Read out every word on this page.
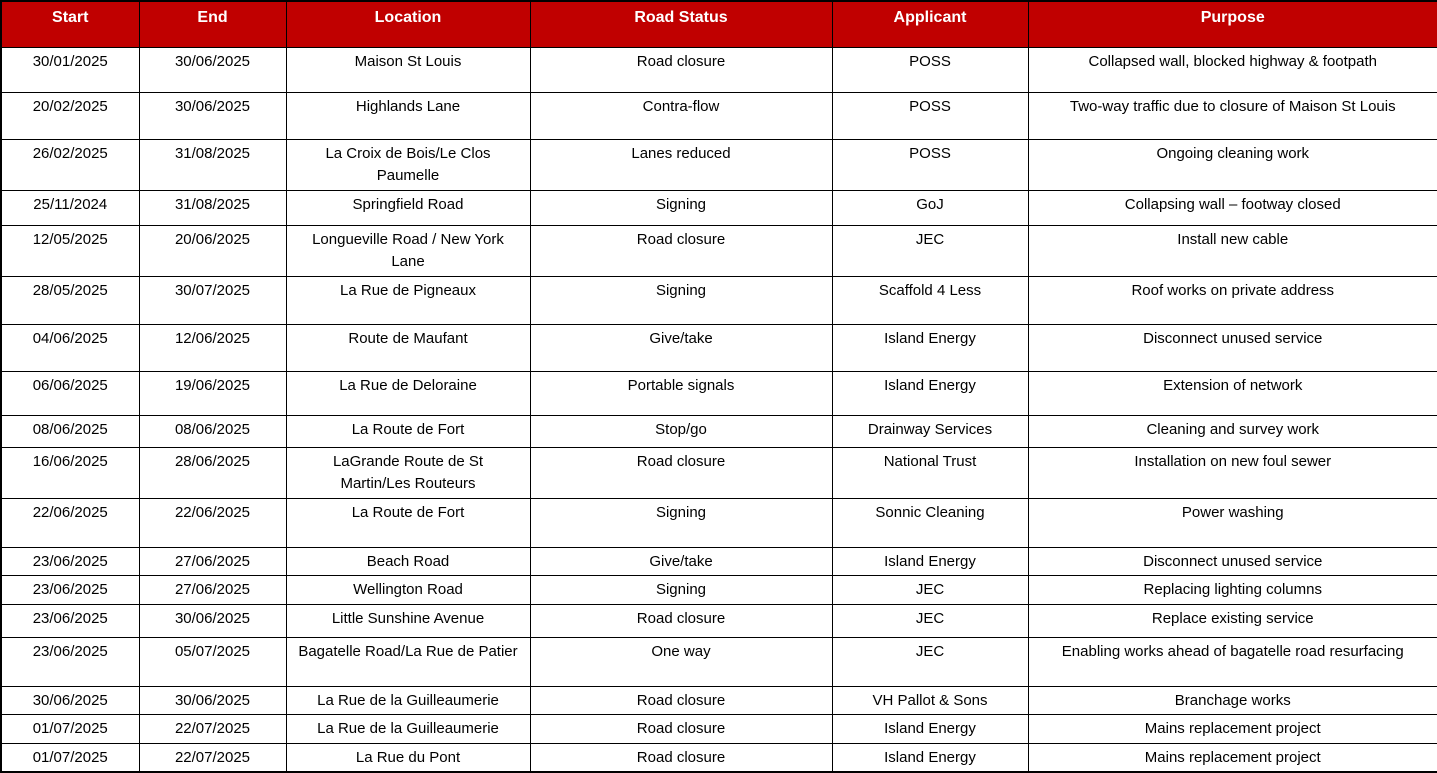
Start	End	Location	Road Status	Applicant	Purpose
30/01/2025	30/06/2025	Maison St Louis	Road closure	POSS	Collapsed wall, blocked highway & footpath
20/02/2025	30/06/2025	Highlands Lane	Contra-flow	POSS	Two-way traffic due to closure of Maison St Louis
26/02/2025	31/08/2025	La Croix de Bois/Le Clos Paumelle	Lanes reduced	POSS	Ongoing cleaning work
25/11/2024	31/08/2025	Springfield Road	Signing	GoJ	Collapsing wall – footway closed
12/05/2025	20/06/2025	Longueville Road / New York Lane	Road closure	JEC	Install new cable
28/05/2025	30/07/2025	La Rue de Pigneaux	Signing	Scaffold 4 Less	Roof works on private address
04/06/2025	12/06/2025	Route de Maufant	Give/take	Island Energy	Disconnect unused service
06/06/2025	19/06/2025	La Rue de Deloraine	Portable signals	Island Energy	Extension of network
08/06/2025	08/06/2025	La Route de Fort	Stop/go	Drainway Services	Cleaning and survey work
16/06/2025	28/06/2025	LaGrande Route de St Martin/Les Routeurs	Road closure	National Trust	Installation on new foul sewer
22/06/2025	22/06/2025	La Route de Fort	Signing	Sonnic Cleaning	Power washing
23/06/2025	27/06/2025	Beach Road	Give/take	Island Energy	Disconnect unused service
23/06/2025	27/06/2025	Wellington Road	Signing	JEC	Replacing lighting columns
23/06/2025	30/06/2025	Little Sunshine Avenue	Road closure	JEC	Replace existing service
23/06/2025	05/07/2025	Bagatelle Road/La Rue de Patier	One way	JEC	Enabling works ahead of bagatelle road resurfacing
30/06/2025	30/06/2025	La Rue de la Guilleaumerie	Road closure	VH Pallot & Sons	Branchage works
01/07/2025	22/07/2025	La Rue de la Guilleaumerie	Road closure	Island Energy	Mains replacement project
01/07/2025	22/07/2025	La Rue du Pont	Road closure	Island Energy	Mains replacement project
